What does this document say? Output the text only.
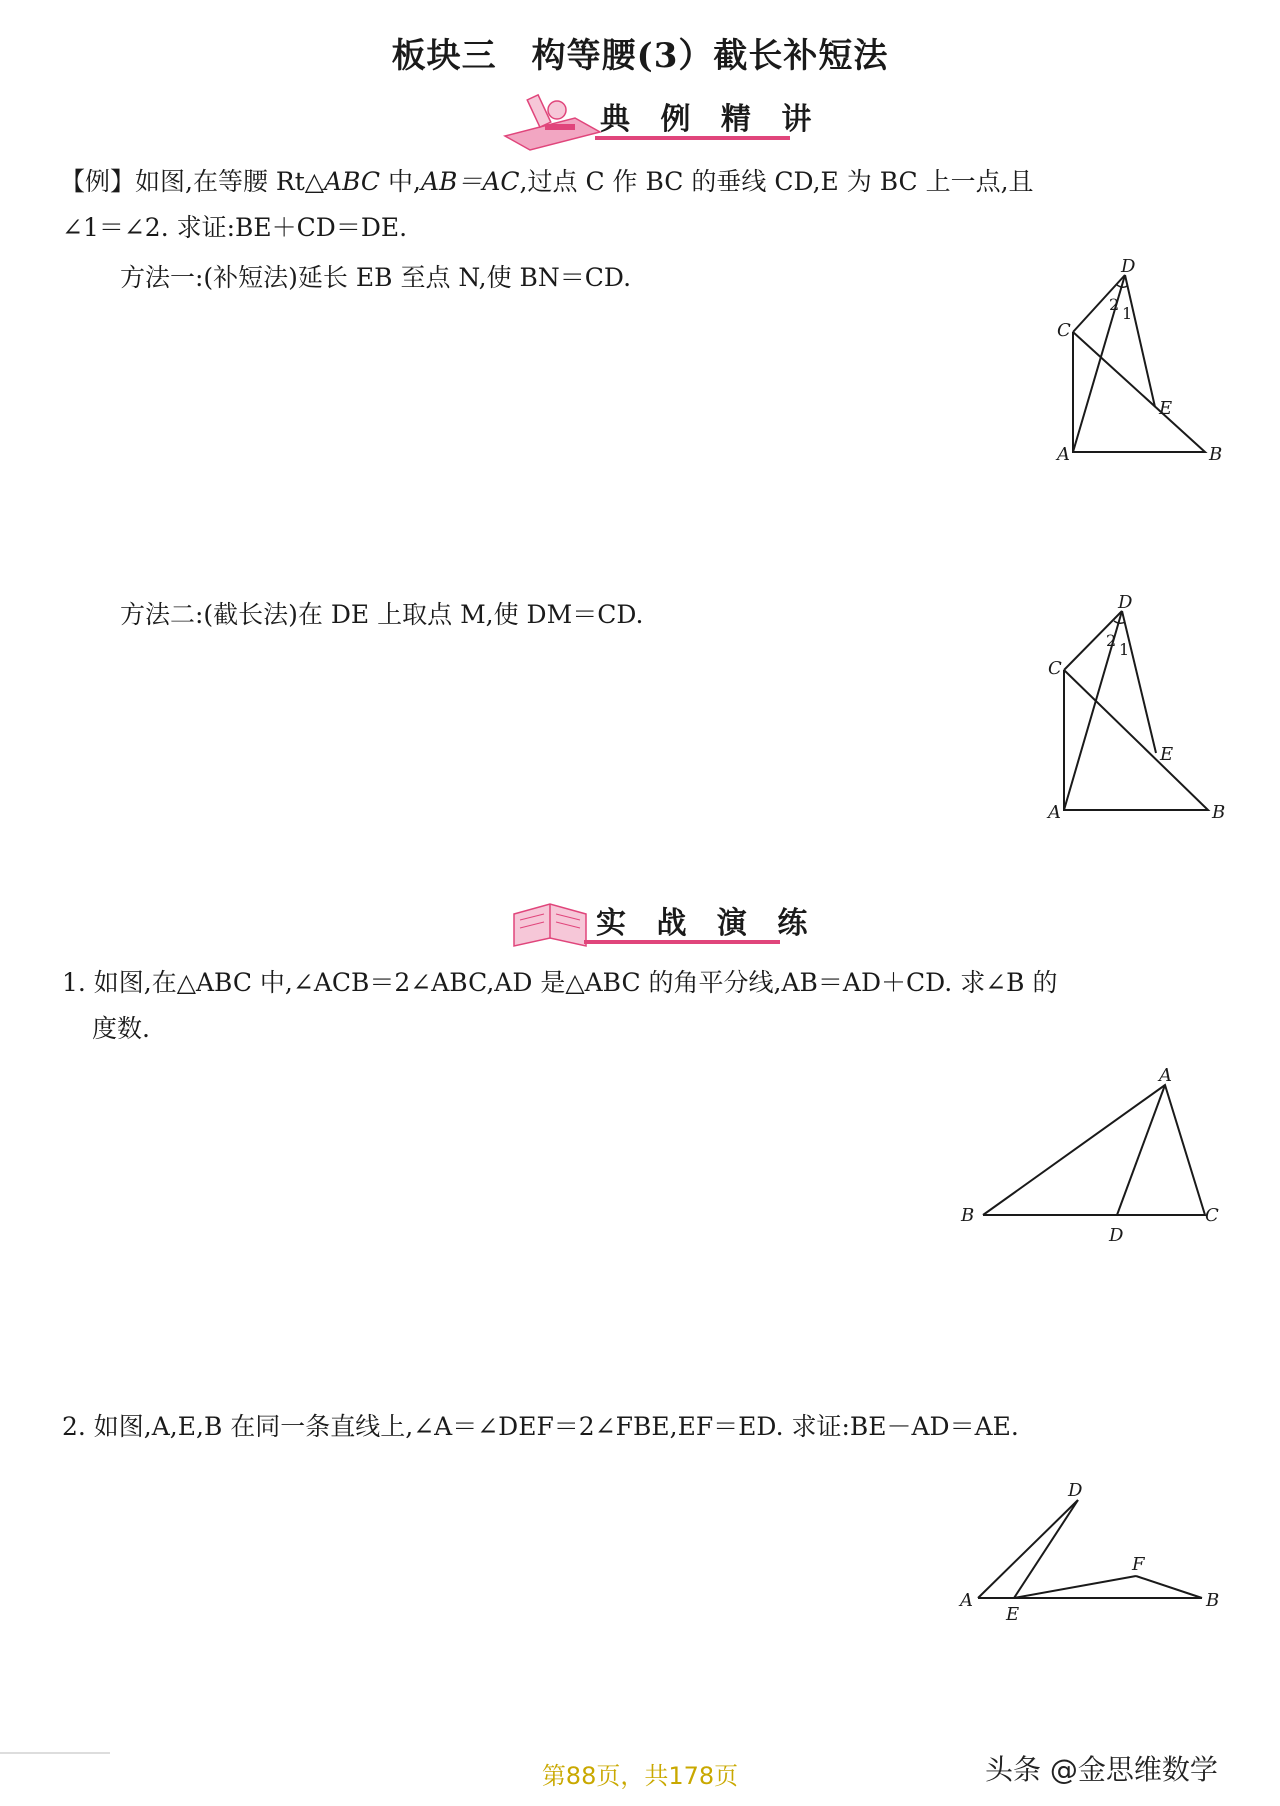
板块三　构等腰(3）截长补短法
典 例 精 讲
【例】如图,在等腰 Rt△ABC 中,AB＝AC,过点 C 作 BC 的垂线 CD,E 为 BC 上一点,且
∠1＝∠2. 求证:BE＋CD＝DE.
方法一:(补短法)延长 EB 至点 N,使 BN＝CD.	D
C
E
A	B
2 1
方法二:(截长法)在 DE 上取点 M,使 DM＝CD.	D
C
E
A	B
2 1
实 战 演 练
1. 如图,在△ABC 中,∠ACB＝2∠ABC,AD 是△ABC 的角平分线,AB＝AD＋CD. 求∠B 的
度数.
A
B	C
D
2. 如图,A,E,B 在同一条直线上,∠A＝∠DEF＝2∠FBE,EF＝ED. 求证:BE－AD＝AE.
D
F
A
E
B
头条 @金思维数学
第88页，共178页
